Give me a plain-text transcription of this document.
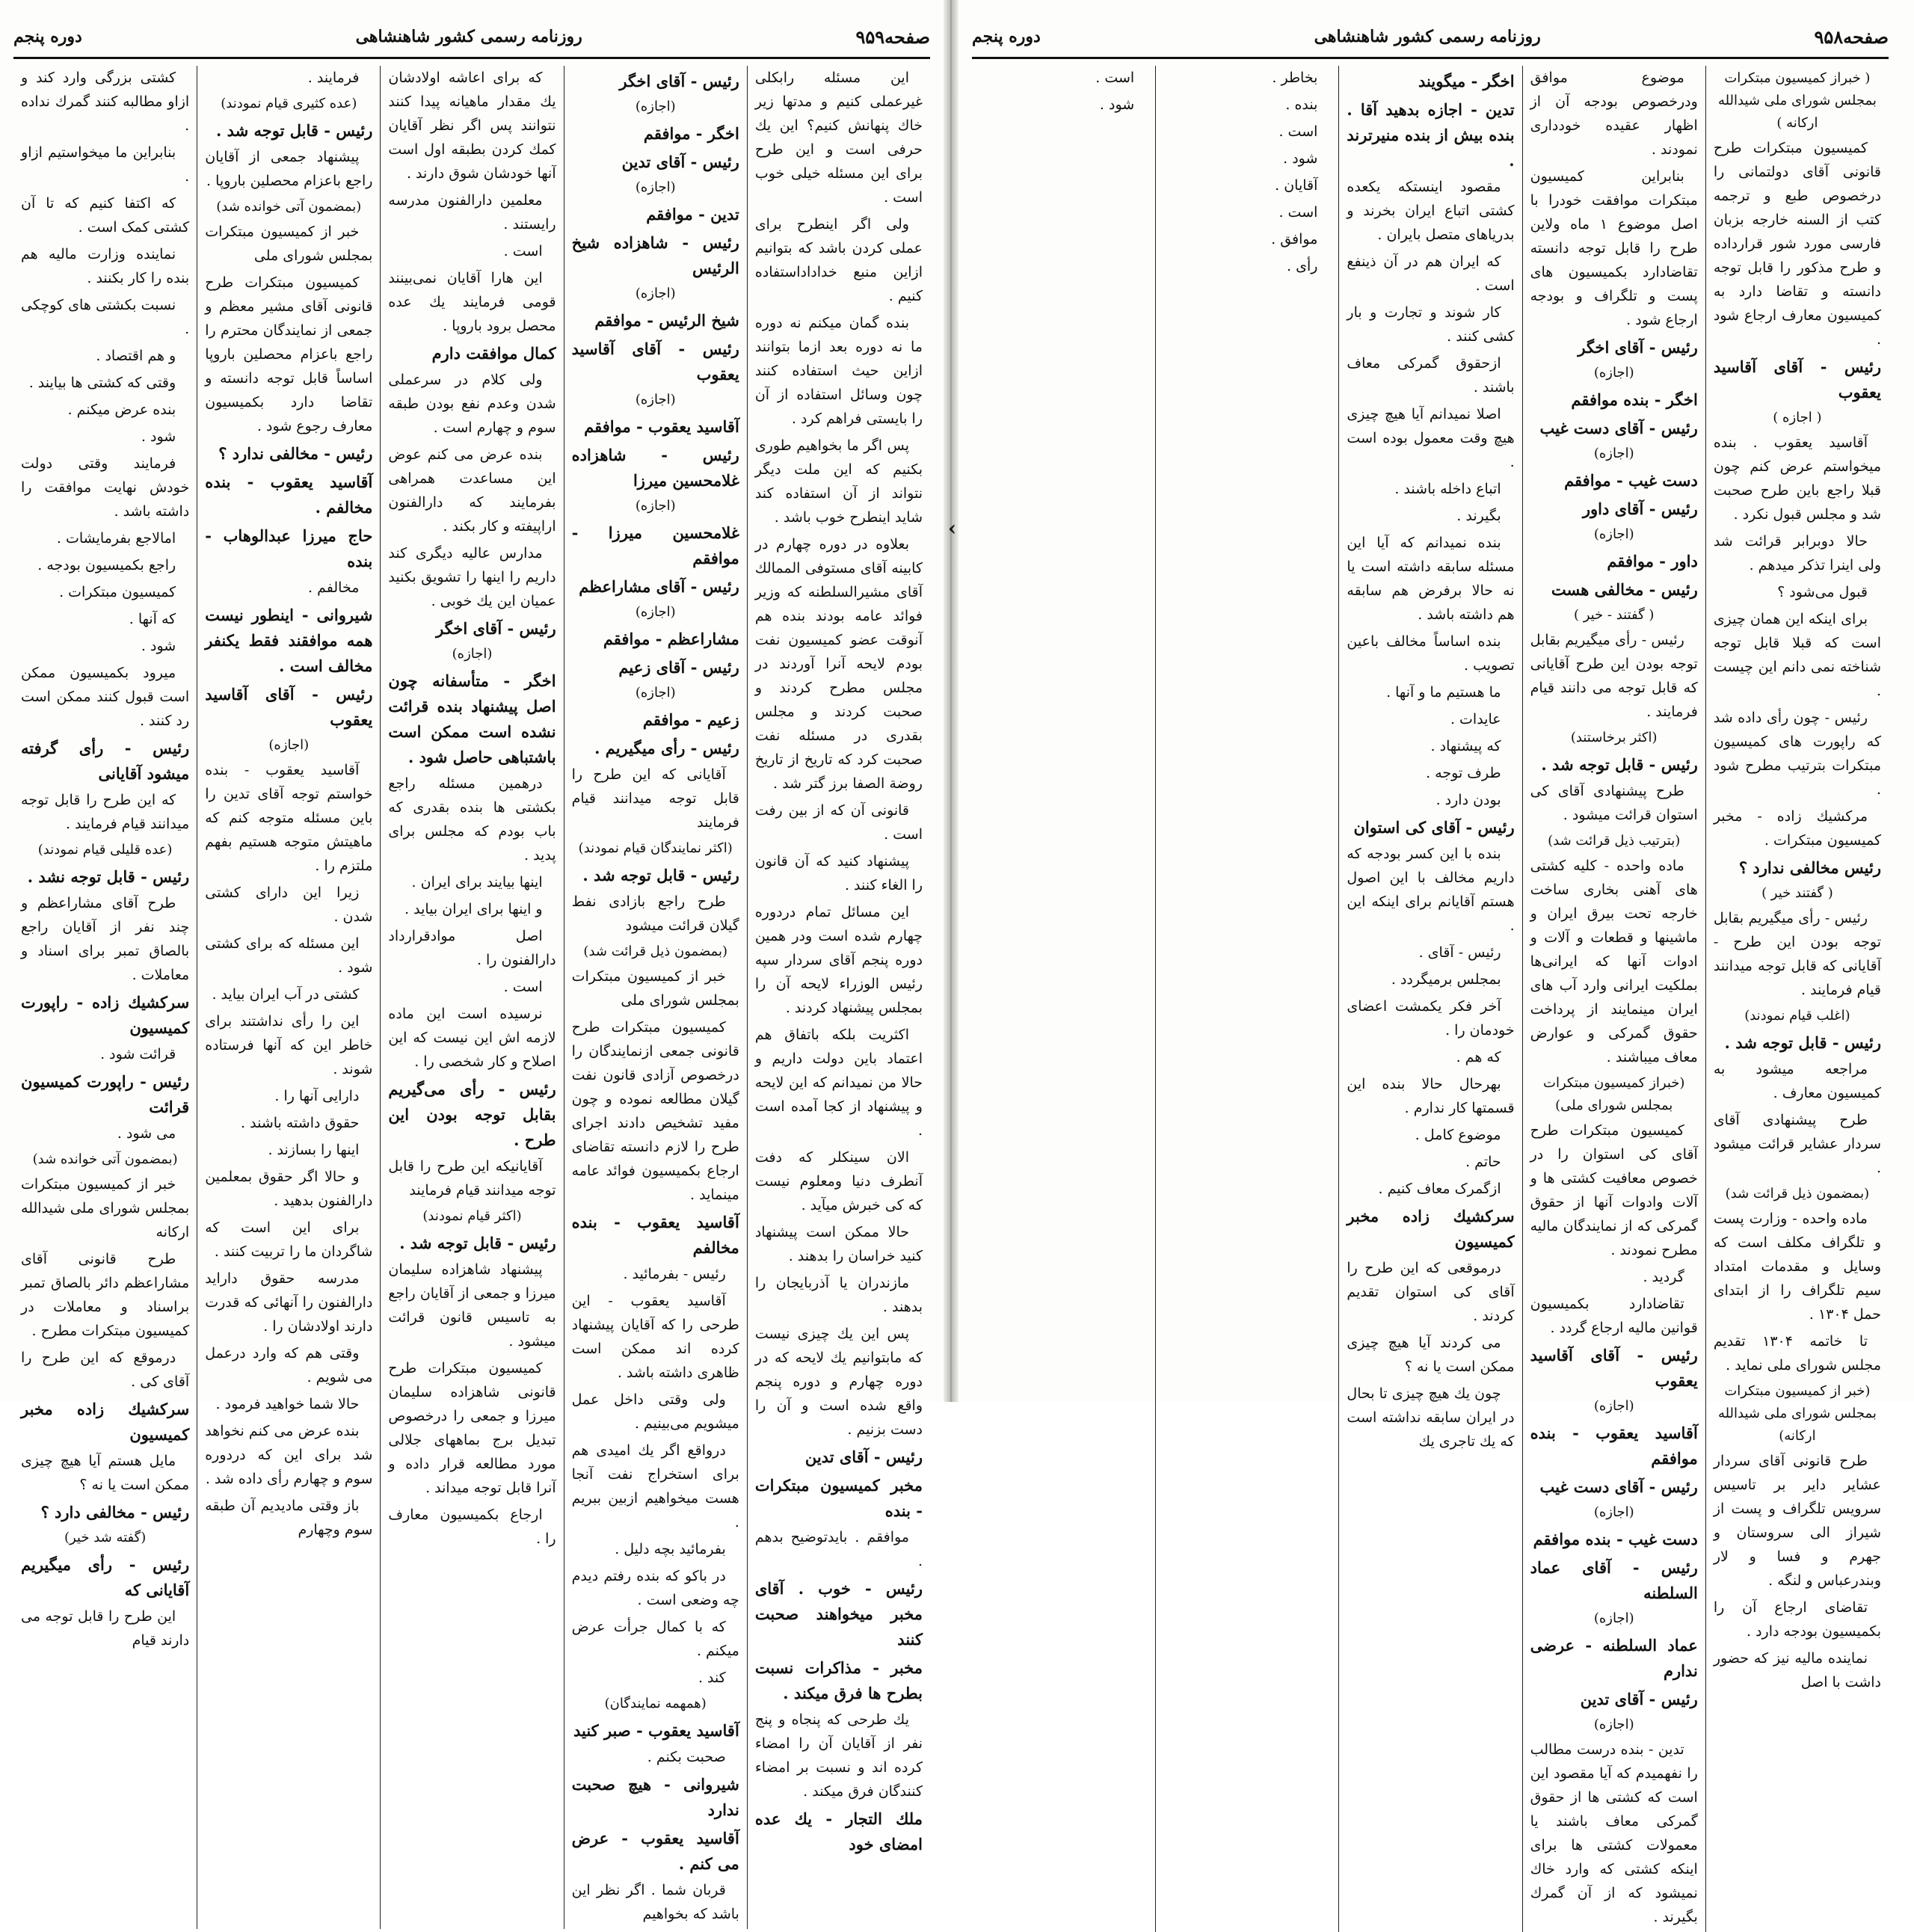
صفحه۹۵۹
روزنامه رسمی کشور شاهنشاهی
دوره پنجم

این مسئله رابکلی غیرعملی کنیم و مدتها زیر خاك پنهانش کنیم؟ این یك حرفی است و این طرح برای این مسئله خیلی خوب است .

ولی اگر اینطرح برای عملی کردن باشد که بتوانیم ازاین منبع خداداداستفاده کنیم .

بنده گمان میکنم نه دوره ما نه دوره بعد ازما بتوانند ازاین حیث استفاده کنند چون وسائل استفاده از آن را بایستی فراهم کرد .

پس اگر ما بخواهیم طوری بکنیم که این ملت دیگر نتواند از آن استفاده کند شاید اینطرح خوب باشد .

بعلاوه در دوره چهارم در کابینه آقای مستوفی الممالك آقای مشیرالسلطنه که وزیر فوائد عامه بودند بنده هم آنوقت عضو کمیسیون نفت بودم لایحه آنرا آوردند در مجلس مطرح کردند و صحبت کردند و مجلس بقدری در مسئله نفت صحبت کرد که تاریخ از تاریخ روضة الصفا برز گتر شد .

قانونی آن که از بین رفت است .

پیشنهاد کنید که آن قانون را الغاء کنند .

این مسائل تمام دردوره چهارم شده است ودر همین دوره پنجم آقای سردار سپه رئیس الوزراء لایحه آن را بمجلس پیشنهاد کردند .

اکثریت بلکه باتفاق هم اعتماد باین دولت داریم و حالا من نمیدانم که این لایحه و پیشنهاد از کجا آمده است .

الان سینکلر که دفت آنطرف دنیا ومعلوم نیست که کی خبرش میآید .

حالا ممکن است پیشنهاد کنید خراسان را بدهند .

مازندران یا آذربایجان را بدهند .

پس این یك چیزی نیست که مابتوانیم یك لایحه که در دوره چهارم و دوره پنجم واقع شده است و آن را دست بزنیم .

رئیس - آقای تدین
مخبر کمیسیون مبتکرات - بنده

موافقم . بایدتوضیح بدهم .

رئیس - خوب . آقای مخبر میخواهند صحبت کنند
مخبر - مذاکرات نسبت بطرح ها فرق میکند .

یك طرحی که پنجاه و پنج نفر از آقایان آن را امضاء کرده اند و نسبت بر امضاء کنندگان فرق میکند .

ملك التجار - یك عده امضای خود
رئیس - آقای اخگر
(اجازه)
اخگر - موافقم
رئیس - آقای تدین
(اجازه)
تدین - موافقم
رئیس - شاهزاده شیخ الرئیس
(اجازه)
شیخ الرئیس - موافقم
رئیس - آقای آقاسید یعقوب
(اجازه)
آقاسید یعقوب - موافقم
رئیس - شاهزاده غلامحسین میرزا
(اجازه)
غلامحسین میرزا - موافقم
رئیس - آقای مشاراعظم
(اجازه)
مشاراعظم - موافقم
رئیس - آقای زعیم
(اجازه)
زعیم - موافقم
رئیس - رأی میگیریم .

آقایانی که این طرح را قابل توجه میدانند قیام فرمایند

(اکثر نمایندگان قیام نمودند)
رئیس - قابل توجه شد .

طرح راجع بازادی نفط گیلان قرائت میشود

(بمضمون ذیل قرائت شد)

خبر از کمیسیون مبتکرات بمجلس شورای ملی

کمیسیون مبتکرات طرح قانونی جمعی ازنمایندگان را درخصوص آزادی قانون نفت گیلان مطالعه نموده و چون مفید تشخیص دادند اجرای طرح را لازم دانسته تقاضای ارجاع بکمیسیون فوائد عامه مینماید .

آقاسید یعقوب - بنده مخالفم

رئیس - بفرمائید .

آقاسید یعقوب - این طرحی را که آقایان پیشنهاد کرده اند ممکن است ظاهری داشته باشد .

ولی وقتی داخل عمل میشویم می‌بینیم .

درواقع اگر یك امیدی هم برای استخراج نفت آنجا هست میخواهیم ازبین ببریم .

بفرمائید بچه دلیل .

در باکو که بنده رفتم دیدم چه وضعی است .

که با کمال جرأت عرض میکنم .

کند .

(همهمه نمایندگان)
آقاسید یعقوب - صبر کنید

صحبت بکنم .

شیروانی - هیچ صحبت ندارد
آقاسید یعقوب - عرض می کنم .

قربان شما . اگر نظر این باشد که بخواهیم

که برای اعاشه اولادشان یك مقدار ماهیانه پیدا کنند نتوانند پس اگر نظر آقایان کمك کردن بطبقه اول است آنها خودشان شوق دارند .

معلمین دارالفنون مدرسه رایستند .

است .

این هارا آقایان نمی‌بینند قومی فرمایند یك عده محصل برود باروپا .

کمال موافقت دارم

ولی کلام در سرعملی شدن وعدم نفع بودن طبقه سوم و چهارم است .

بنده عرض می کنم عوض این مساعدت همراهی بفرمایند که دارالفنون اراپیفته و کار بکند .

مدارس عالیه دیگری کند داریم را اینها را تشویق بکنید عمیان این یك خوبی .

رئیس - آقای اخگر
(اجازه)
اخگر - متأسفانه چون اصل پیشنهاد بنده قرائت نشده است ممکن است باشتباهی حاصل شود .

درهمین مسئله راجع بکشتی ها بنده بقدری که باب بودم که مجلس برای پدید .

اینها بیایند برای ایران .

و اینها برای ایران بیاید .

اصل موادقرارداد دارالفنون را .

است .

نرسیده است این ماده لازمه اش این نیست که این اصلاح و کار شخصی را .

رئیس - رأی می‌گیریم بقابل توجه بودن این طرح .

آقایانیکه این طرح را قابل توجه میدانند قیام فرمایند

(اکثر قیام نمودند)
رئیس - قابل توجه شد .

پیشنهاد شاهزاده سلیمان میرزا و جمعی از آقایان راجع به تاسیس قانون قرائت میشود .

کمیسیون مبتکرات طرح قانونی شاهزاده سلیمان میرزا و جمعی را درخصوص تبدیل برج بماههای جلالی مورد مطالعه قرار داده و آنرا قابل توجه میداند .

ارجاع بکمیسیون معارف را .

فرمایند .

(عده کثیری قیام نمودند)
رئیس - قابل توجه شد .

پیشنهاد جمعی از آقایان راجع باعزام محصلین باروپا .

(بمضمون آتی خوانده شد)

خبر از کمیسیون مبتکرات بمجلس شورای ملی

کمیسیون مبتکرات طرح قانونی آقای مشیر معظم و جمعی از نمایندگان محترم را راجع باعزام محصلین باروپا اساساً قابل توجه دانسته و تقاضا دارد بکمیسیون معارف رجوع شود .

رئیس - مخالفی ندارد ؟
آقاسید یعقوب - بنده مخالفم .
حاج میرزا عبدالوهاب - بنده

مخالفم .

شیروانی - اینطور نیست همه موافقند فقط یکنفر مخالف است .
رئیس - آقای آقاسید یعقوب
(اجازه)

آقاسید یعقوب - بنده خواستم توجه آقای تدین را باین مسئله متوجه کنم که ماهیتش متوجه هستیم بفهم ملتزم را .

زیرا این دارای کشتی شدن .

این مسئله که برای کشتی شود .

کشتی در آب ایران بیاید .

این را رأی نداشتند برای خاطر این که آنها فرستاده شوند .

دارایی آنها را .

حقوق داشته باشند .

اینها را بسازند .

و حالا اگر حقوق بمعلمین دارالفنون بدهید .

برای این است که شاگردان ما را تربیت کنند .

مدرسه حقوق داراید دارالفنون را آنهائی که قدرت دارند اولادشان را .

وقتی هم که وارد درعمل می شویم .

حالا شما خواهید فرمود .

بنده عرض می کنم نخواهد شد برای این که دردوره سوم و چهارم رأی داده شد .

باز وقتی مادیدیم آن طبقه سوم وچهارم

کشتی بزرگی وارد کند و ازاو مطالبه کنند گمرك نداده .

بنابراین ما میخواستیم ازاو .

که اکتفا کنیم که تا آن کشتی کمک است .

نماینده وزارت مالیه هم بنده را کار بکنند .

نسبت بکشتی های کوچکی .

و هم اقتصاد .

وقتی که کشتی ها بیایند .

بنده عرض میکنم .

شود .

فرمایند وقتی دولت خودش نهایت موافقت را داشته باشد .

امالاجع بفرمایشات .

راجع بکمیسیون بودجه .

کمیسیون مبتکرات .

که آنها .

شود .

میرود بکمیسیون ممکن است قبول کنند ممکن است رد کنند .

رئیس - رأی گرفته میشود آقایانی

که این طرح را قابل توجه میدانند قیام فرمایند .

(عده قلیلی قیام نمودند)
رئیس - قابل توجه نشد .

طرح آقای مشاراعظم و چند نفر از آقایان راجع بالصاق تمبر برای اسناد و معاملات .

سرکشیك زاده - راپورت کمیسیون

قرائت شود .

رئیس - راپورت کمیسیون قرائت

می شود .

(بمضمون آتی خوانده شد)

خبر از کمیسیون مبتکرات بمجلس شورای ملی شیدالله ارکانه

طرح قانونی آقای مشاراعظم دائر بالصاق تمبر براسناد و معاملات در کمیسیون مبتکرات مطرح .

درموقع که این طرح را آقای کی .

سرکشیك زاده مخبر کمیسیون

مایل هستم آیا هیچ چیزی ممکن است یا نه ؟

رئیس - مخالفی دارد ؟
(گفته شد خیر)
رئیس - رأی میگیریم آقایانی که

این طرح را قابل توجه می دارند قیام

‹
صفحه۹۵۸
روزنامه رسمی کشور شاهنشاهی
دوره پنجم
( خبراز کمیسیون مبتکرات بمجلس شورای ملی شیدالله ارکانه )

کمیسیون مبتکرات طرح قانونی آقای دولتمانی را درخصوص طبع و ترجمه کتب از السنه خارجه بزبان فارسی مورد شور قرارداده و طرح مذکور را قابل توجه دانسته و تقاضا دارد به کمیسیون معارف ارجاع شود .

رئیس - آقای آقاسید یعقوب
( اجازه )

آقاسید یعقوب . بنده میخواستم عرض کنم چون قبلا راجع باین طرح صحبت شد و مجلس قبول نکرد .

حالا دوبرابر قرائت شد ولی اینرا تذکر میدهم .

قبول می‌شود ؟

برای اینکه این همان چیزی است که قبلا قابل توجه شناخته نمی دانم این چیست .

رئیس - چون رأی داده شد که راپورت های کمیسیون مبتکرات بترتیب مطرح شود .

مرکشیك زاده - مخبر کمیسیون مبتکرات .

رئیس مخالفی ندارد ؟
( گفتند خیر )

رئیس - رأی میگیریم بقابل توجه بودن این طرح - آقایانی که قابل توجه میدانند قیام فرمایند .

(اغلب قیام نمودند)
رئیس - قابل توجه شد .

مراجعه میشود به کمیسیون معارف .

طرح پیشنهادی آقای سردار عشایر قرائت میشود .

(بمضمون ذیل قرائت شد)

ماده واحده - وزارت پست و تلگراف مکلف است که وسایل و مقدمات امتداد سیم تلگراف را از ابتدای حمل ۱۳۰۴ .

تا خاتمه ۱۳۰۴ تقدیم مجلس شورای ملی نماید .

(خبر از کمیسیون مبتکرات بمجلس شورای ملی شیدالله ارکانه)

طرح قانونی آقای سردار عشایر دایر بر تاسیس سرویس تلگراف و پست از شیراز الی سروستان و جهرم و فسا و لار وبندرعباس و لنگه .

تقاضای ارجاع آن را بکمیسیون بودجه دارد .

نماینده مالیه نیز که حضور داشت با اصل

موضوع موافق ودرخصوص بودجه آن از اظهار عقیده خودداری نمودند .

بنابراین کمیسیون مبتکرات موافقت خودرا با اصل موضوع ۱ ماه ولاین طرح را قابل توجه دانسته تقاضادارد بکمیسیون های پست و تلگراف و بودجه ارجاع شود .

رئیس - آقای اخگر
(اجازه)
اخگر - بنده موافقم
رئیس - آقای دست غیب
(اجازه)
دست غیب - موافقم
رئیس - آقای داور
(اجازه)
داور - موافقم
رئیس - مخالفی هست
( گفتند - خیر )

رئیس - رأی میگیریم بقابل توجه بودن این طرح آقایانی که قابل توجه می دانند قیام فرمایند .

(اکثر برخاستند)
رئیس - قابل توجه شد .

طرح پیشنهادی آقای کی استوان قرائت میشود .

(بترتیب ذیل قرائت شد)

ماده واحده - کلیه کشتی های آهنی بخاری ساخت خارجه تحت بیرق ایران و ماشینها و قطعات و آلات و ادوات آنها که ایرانی‌ها بملکیت ایرانی وارد آب های ایران مینمایند از پرداخت حقوق گمرکی و عوارض معاف میباشند .

(خبراز کمیسیون مبتکرات بمجلس شورای ملی)

کمیسیون مبتکرات طرح آقای کی استوان را در خصوص معافیت کشتی ها و آلات وادوات آنها از حقوق گمرکی که از نمایندگان مالیه مطرح نمودند .

گردید .

تقاضادارد بکمیسیون قوانین مالیه ارجاع گردد .

رئیس - آقای آقاسید یعقوب
(اجازه)
آقاسید یعقوب - بنده موافقم
رئیس - آقای دست غیب
(اجازه)
دست غیب - بنده موافقم
رئیس - آقای عماد السلطنه
(اجازه)
عماد السلطنه - عرضی ندارم
رئیس - آقای تدین
(اجازه)

تدین - بنده درست مطالب را نفهمیدم که آیا مقصود این است که کشتی ها از حقوق گمرکی معاف باشند یا معمولات کشتی ها برای اینکه کشتی که وارد خاك نمیشود که از آن گمرك بگیرند .

اخگر - میگویند
تدین - اجازه بدهید آقا . بنده بیش از بنده منیرترند .

مقصود اینستکه یکعده کشتی اتباع ایران بخرند و بدریاهای متصل بایران .

که ایران هم در آن ذینفع است .

کار شوند و تجارت و بار کشی کنند .

ازحقوق گمرکی معاف باشند .

اصلا نمیدانم آیا هیچ چیزی هیچ وقت معمول بوده است .

اتباع داخله باشند .

بگیرند .

بنده نمیدانم که آیا این مسئله سابقه داشته است یا نه حالا برفرض هم سابقه هم داشته باشد .

بنده اساساً مخالف باعین تصویب .

ما هستیم ما و آنها .

عایدات .

که پیشنهاد .

طرف توجه .

بودن دارد .

رئیس - آقای کی استوان

بنده با این کسر بودجه که داریم مخالف با این اصول هستم آقایانم برای اینکه این .

رئیس - آقای .

بمجلس برمیگردد .

آخر فکر یکمشت اعضای خودمان را .

که هم .

بهرحال حالا بنده این قسمتها کار ندارم .

موضوع کامل .

حاتم .

ازگمرک معاف کنیم .

سرکشیك زاده مخبر کمیسیون

درموقعی که این طرح را آقای کی استوان تقدیم کردند .

می کردند آیا هیچ چیزی ممکن است یا نه ؟

چون یك هیچ چیزی تا بحال در ایران سابقه نداشته است که یك تاجری یك

بخاطر .

بنده .

است .

شود .

آقایان .

است .

موافق .

رأی .

است .

شود .
